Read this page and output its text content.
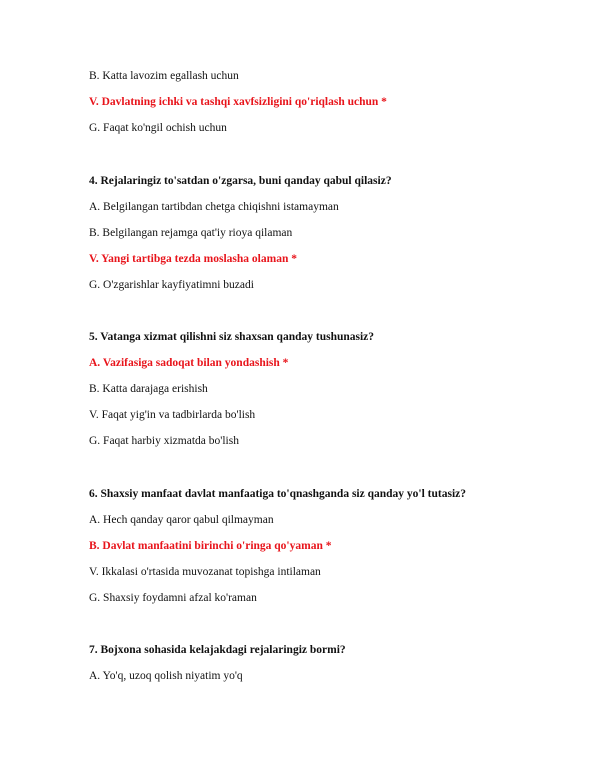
B. Katta lavozim egallash uchun
V. Davlatning ichki va tashqi xavfsizligini qo'riqlash uchun *
G. Faqat ko'ngil ochish uchun
4. Rejalaringiz to'satdan o'zgarsa, buni qanday qabul qilasiz?
A. Belgilangan tartibdan chetga chiqishni istamayman
B. Belgilangan rejamga qat'iy rioya qilaman
V. Yangi tartibga tezda moslasha olaman *
G. O'zgarishlar kayfiyatimni buzadi
5. Vatanga xizmat qilishni siz shaxsan qanday tushunasiz?
A. Vazifasiga sadoqat bilan yondashish *
B. Katta darajaga erishish
V. Faqat yig'in va tadbirlarda bo'lish
G. Faqat harbiy xizmatda bo'lish
6. Shaxsiy manfaat davlat manfaatiga to'qnashganda siz qanday yo'l tutasiz?
A. Hech qanday qaror qabul qilmayman
B. Davlat manfaatini birinchi o'ringa qo'yaman *
V. Ikkalasi o'rtasida muvozanat topishga intilaman
G. Shaxsiy foydamni afzal ko'raman
7. Bojxona sohasida kelajakdagi rejalaringiz bormi?
A. Yo'q, uzoq qolish niyatim yo'q
